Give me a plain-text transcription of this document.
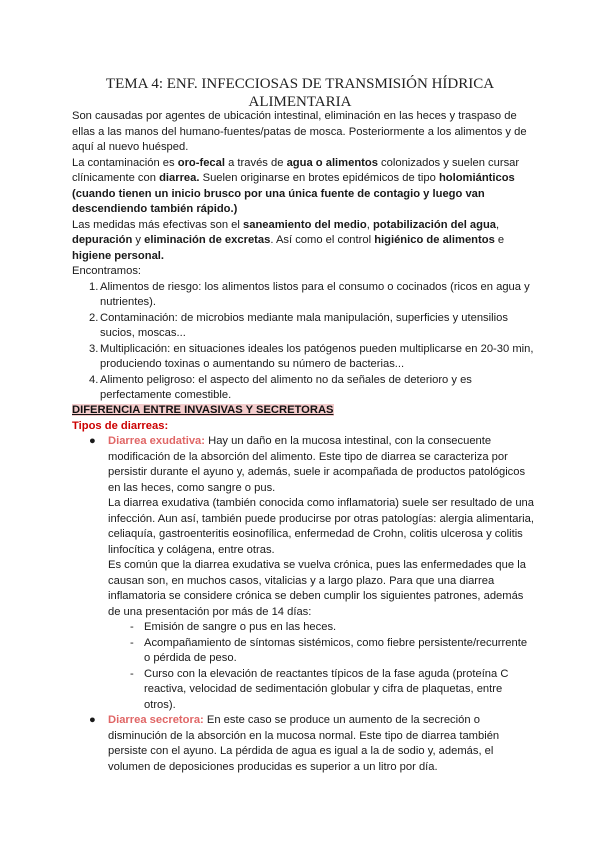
TEMA 4: ENF. INFECCIOSAS DE TRANSMISIÓN HÍDRICA ALIMENTARIA

Son causadas por agentes de ubicación intestinal, eliminación en las heces y traspaso de ellas a las manos del humano-fuentes/patas de mosca. Posteriormente a los alimentos y de aquí al nuevo huésped.

La contaminación es oro-fecal a través de agua o alimentos colonizados y suelen cursar clínicamente con diarrea. Suelen originarse en brotes epidémicos de tipo holomiánticos (cuando tienen un inicio brusco por una única fuente de contagio y luego van descendiendo también rápido.)

Las medidas más efectivas son el saneamiento del medio, potabilización del agua, depuración y eliminación de excretas. Así como el control higiénico de alimentos e higiene personal.

Encontramos:

1. Alimentos de riesgo: los alimentos listos para el consumo o cocinados (ricos en agua y nutrientes).
2. Contaminación: de microbios mediante mala manipulación, superficies y utensilios sucios, moscas...
3. Multiplicación: en situaciones ideales los patógenos pueden multiplicarse en 20-30 min, produciendo toxinas o aumentando su número de bacterias...
4. Alimento peligroso: el aspecto del alimento no da señales de deterioro y es perfectamente comestible.

DIFERENCIA ENTRE INVASIVAS Y SECRETORAS

Tipos de diarreas:

● Diarrea exudativa: Hay un daño en la mucosa intestinal, con la consecuente modificación de la absorción del alimento. Este tipo de diarrea se caracteriza por persistir durante el ayuno y, además, suele ir acompañada de productos patológicos en las heces, como sangre o pus.

La diarrea exudativa (también conocida como inflamatoria) suele ser resultado de una infección. Aun así, también puede producirse por otras patologías: alergia alimentaria, celiaquía, gastroenteritis eosinofílica, enfermedad de Crohn, colitis ulcerosa y colitis linfocítica y colágena, entre otras.

Es común que la diarrea exudativa se vuelva crónica, pues las enfermedades que la causan son, en muchos casos, vitalicias y a largo plazo. Para que una diarrea inflamatoria se considere crónica se deben cumplir los siguientes patrones, además de una presentación por más de 14 días:

- Emisión de sangre o pus en las heces.
- Acompañamiento de síntomas sistémicos, como fiebre persistente/recurrente o pérdida de peso.
- Curso con la elevación de reactantes típicos de la fase aguda (proteína C reactiva, velocidad de sedimentación globular y cifra de plaquetas, entre otros).
● Diarrea secretora: En este caso se produce un aumento de la secreción o disminución de la absorción en la mucosa normal. Este tipo de diarrea también persiste con el ayuno. La pérdida de agua es igual a la de sodio y, además, el volumen de deposiciones producidas es superior a un litro por día.
